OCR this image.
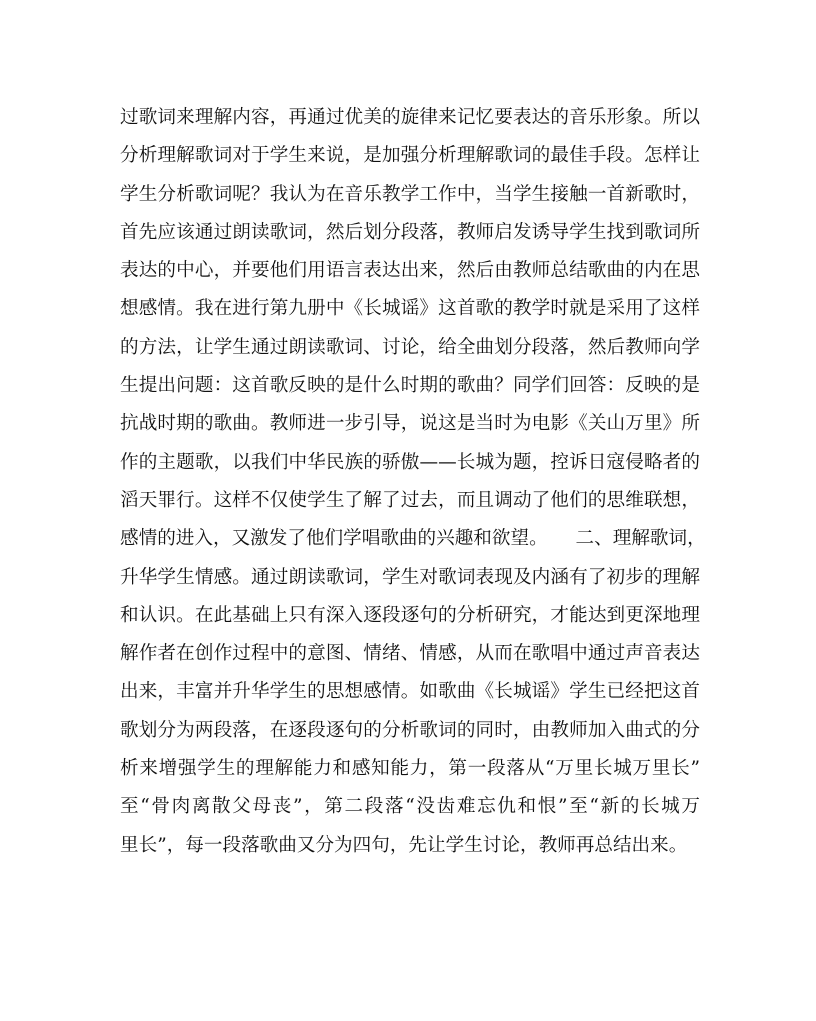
过歌词来理解内容，再通过优美的旋律来记忆要表达的音乐形象。所以
分析理解歌词对于学生来说，是加强分析理解歌词的最佳手段。怎样让
学生分析歌词呢？我认为在音乐教学工作中，当学生接触一首新歌时，
首先应该通过朗读歌词，然后划分段落，教师启发诱导学生找到歌词所
表达的中心，并要他们用语言表达出来，然后由教师总结歌曲的内在思
想感情。我在进行第九册中《长城谣》这首歌的教学时就是采用了这样
的方法，让学生通过朗读歌词、讨论，给全曲划分段落，然后教师向学
生提出问题：这首歌反映的是什么时期的歌曲？同学们回答：反映的是
抗战时期的歌曲。教师进一步引导，说这是当时为电影《关山万里》所
作的主题歌，以我们中华民族的骄傲——长城为题，控诉日寇侵略者的
滔天罪行。这样不仅使学生了解了过去，而且调动了他们的思维联想，
感情的进入，又激发了他们学唱歌曲的兴趣和欲望。　　二、理解歌词，
升华学生情感。通过朗读歌词，学生对歌词表现及内涵有了初步的理解
和认识。在此基础上只有深入逐段逐句的分析研究，才能达到更深地理
解作者在创作过程中的意图、情绪、情感，从而在歌唱中通过声音表达
出来，丰富并升华学生的思想感情。如歌曲《长城谣》学生已经把这首
歌划分为两段落，在逐段逐句的分析歌词的同时，由教师加入曲式的分
析来增强学生的理解能力和感知能力，第一段落从“万里长城万里长”
至“骨肉离散父母丧”，第二段落“没齿难忘仇和恨”至“新的长城万
里长”，每一段落歌曲又分为四句，先让学生讨论，教师再总结出来。
